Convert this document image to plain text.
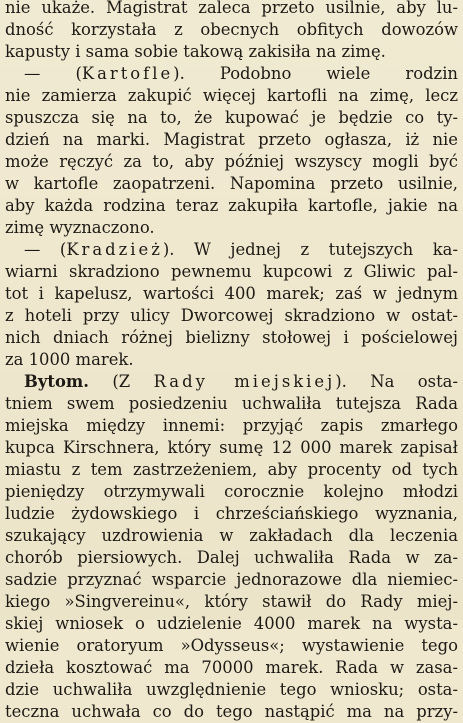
nie ukaże. Magistrat zaleca przeto usilnie, aby lu-
dność korzystała z obecnych obfitych dowozów
kapusty i sama sobie takową zakisiła na zimę.
— (Kartofle). Podobno wiele rodzin
nie zamierza zakupić więcej kartofli na zimę, lecz
spuszcza się na to, że kupować je będzie co ty-
dzień na marki. Magistrat przeto ogłasza, iż nie
może ręczyć za to, aby później wszyscy mogli być
w kartofle zaopatrzeni. Napomina przeto usilnie,
aby każda rodzina teraz zakupiła kartofle, jakie na
zimę wyznaczono.
— (Kradzież). W jednej z tutejszych ka-
wiarni skradziono pewnemu kupcowi z Gliwic pal-
tot i kapelusz, wartości 400 marek; zaś w jednym
z hoteli przy ulicy Dworcowej skradziono w ostat-
nich dniach różnej bielizny stołowej i pościelowej
za 1000 marek.
Bytom. (Z Rady miejskiej). Na osta-
tniem swem posiedzeniu uchwaliła tutejsza Rada
miejska między innemi: przyjąć zapis zmarłego
kupca Kirschnera, który sumę 12 000 marek zapisał
miastu z tem zastrzeżeniem, aby procenty od tych
pieniędzy otrzymywali corocznie kolejno młodzi
ludzie żydowskiego i chrześciańskiego wyznania,
szukający uzdrowienia w zakładach dla leczenia
chorób piersiowych. Dalej uchwaliła Rada w za-
sadzie przyznać wsparcie jednorazowe dla niemiec-
kiego »Singvereinu«, który stawił do Rady miej-
skiej wniosek o udzielenie 4000 marek na wysta-
wienie oratoryum »Odysseus«; wystawienie tego
dzieła kosztować ma 70000 marek. Rada w zasa-
dzie uchwaliła uwzględnienie tego wniosku; osta-
teczna uchwała co do tego nastąpić ma na przy-
